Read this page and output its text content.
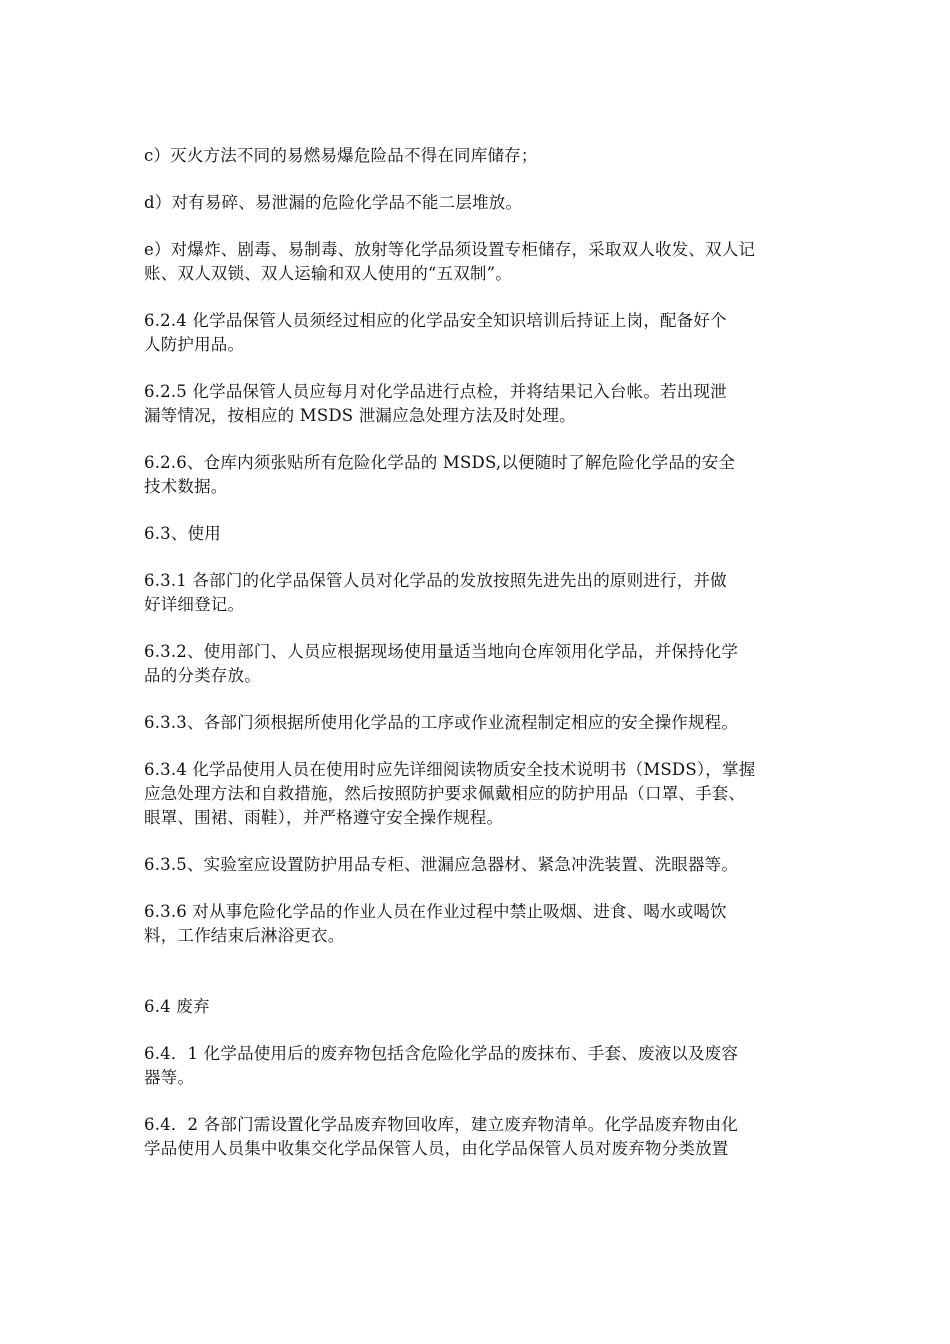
c）灭火方法不同的易燃易爆危险品不得在同库储存；

d）对有易碎、易泄漏的危险化学品不能二层堆放。

e）对爆炸、剧毒、易制毒、放射等化学品须设置专柜储存，采取双人收发、双人记
账、双人双锁、双人运输和双人使用的“五双制”。

6.2.4 化学品保管人员须经过相应的化学品安全知识培训后持证上岗，配备好个
人防护用品。

6.2.5 化学品保管人员应每月对化学品进行点检，并将结果记入台帐。若出现泄
漏等情况，按相应的 MSDS 泄漏应急处理方法及时处理。

6.2.6、仓库内须张贴所有危险化学品的 MSDS,以便随时了解危险化学品的安全
技术数据。

6.3、使用

6.3.1 各部门的化学品保管人员对化学品的发放按照先进先出的原则进行，并做
好详细登记。

6.3.2、使用部门、人员应根据现场使用量适当地向仓库领用化学品，并保持化学
品的分类存放。

6.3.3、各部门须根据所使用化学品的工序或作业流程制定相应的安全操作规程。

6.3.4 化学品使用人员在使用时应先详细阅读物质安全技术说明书（MSDS），掌握
应急处理方法和自救措施，然后按照防护要求佩戴相应的防护用品（口罩、手套、
眼罩、围裙、雨鞋），并严格遵守安全操作规程。

6.3.5、实验室应设置防护用品专柜、泄漏应急器材、紧急冲洗装置、洗眼器等。

6.3.6 对从事危险化学品的作业人员在作业过程中禁止吸烟、进食、喝水或喝饮
料，工作结束后淋浴更衣。

6.4 废弃

6.4．1 化学品使用后的废弃物包括含危险化学品的废抹布、手套、废液以及废容
器等。

6.4．2 各部门需设置化学品废弃物回收库，建立废弃物清单。化学品废弃物由化
学品使用人员集中收集交化学品保管人员，由化学品保管人员对废弃物分类放置
